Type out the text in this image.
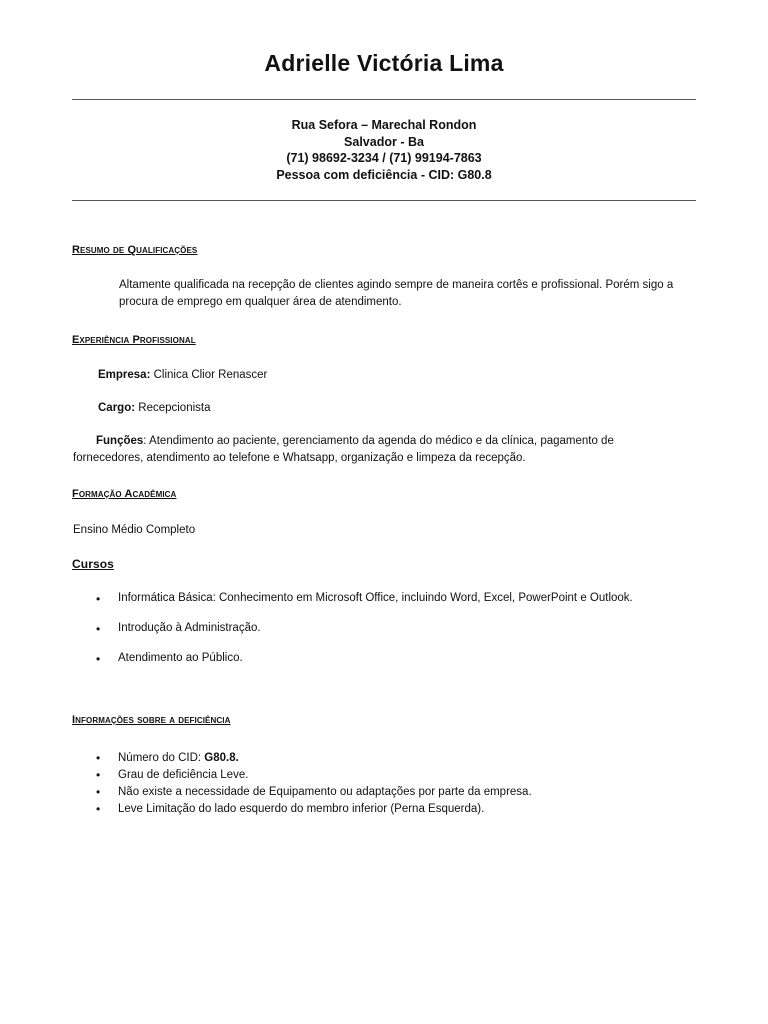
Adrielle Victória Lima
Rua Sefora – Marechal Rondon
Salvador - Ba
(71) 98692-3234 / (71) 99194-7863
Pessoa com deficiência - CID: G80.8
Resumo de Qualificações
Altamente qualificada na recepção de clientes agindo sempre de maneira cortês e profissional. Porém sigo a
procura de emprego em qualquer área de atendimento.
Experiência Profissional
Empresa: Clinica Clior Renascer
Cargo: Recepcionista
Funções: Atendimento ao paciente, gerenciamento da agenda do médico e da clínica, pagamento de
fornecedores, atendimento ao telefone e Whatsapp, organização e limpeza da recepção.
Formação Acadêmica
Ensino Médio Completo
Cursos
• Informática Básica: Conhecimento em Microsoft Office, incluindo Word, Excel, PowerPoint e Outlook.
• Introdução à Administração.
• Atendimento ao Público.
Informações sobre a deficiência
• Número do CID: G80.8.
• Grau de deficiência Leve.
• Não existe a necessidade de Equipamento ou adaptações por parte da empresa.
• Leve Limitação do lado esquerdo do membro inferior (Perna Esquerda).
